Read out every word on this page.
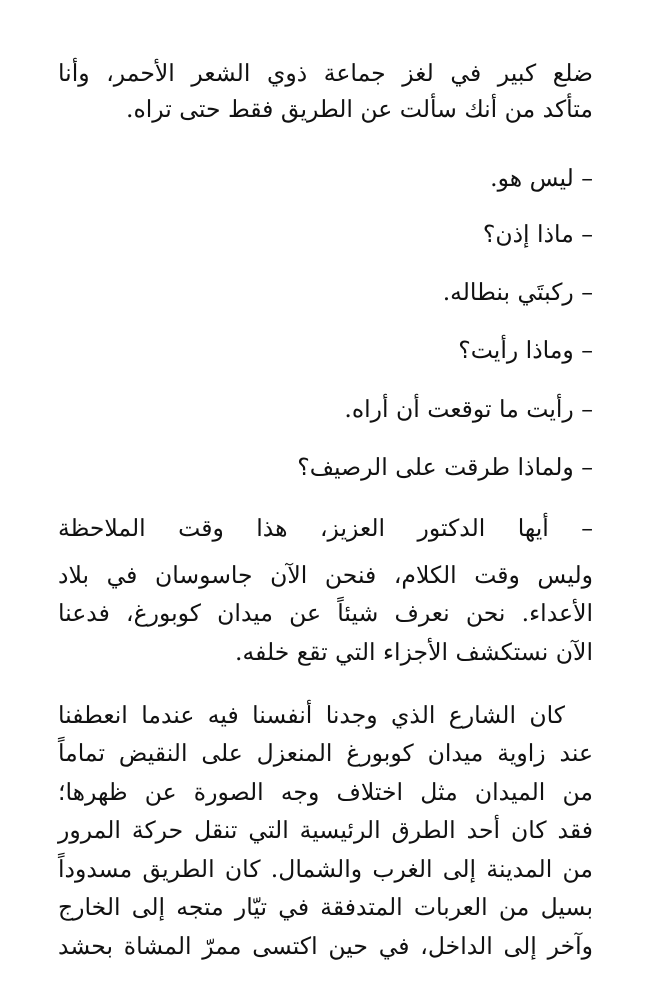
ضلع كبير في لغز جماعة ذوي الشعر الأحمر، وأنا
متأكد من أنك سألت عن الطريق فقط حتى تراه.
– ليس هو.
– ماذا إذن؟
– ركبتَي بنطاله.
– وماذا رأيت؟
– رأيت ما توقعت أن أراه.
– ولماذا طرقت على الرصيف؟
– أيها الدكتور العزيز، هذا وقت الملاحظة
وليس وقت الكلام، فنحن الآن جاسوسان في بلاد
الأعداء. نحن نعرف شيئاً عن ميدان كوبورغ، فدعنا
الآن نستكشف الأجزاء التي تقع خلفه.
كان الشارع الذي وجدنا أنفسنا فيه عندما انعطفنا
عند زاوية ميدان كوبورغ المنعزل على النقيض تماماً
من الميدان مثل اختلاف وجه الصورة عن ظهرها؛
فقد كان أحد الطرق الرئيسية التي تنقل حركة المرور
من المدينة إلى الغرب والشمال. كان الطريق مسدوداً
بسيل من العربات المتدفقة في تيّار متجه إلى الخارج
وآخر إلى الداخل، في حين اكتسى ممرّ المشاة بحشد
